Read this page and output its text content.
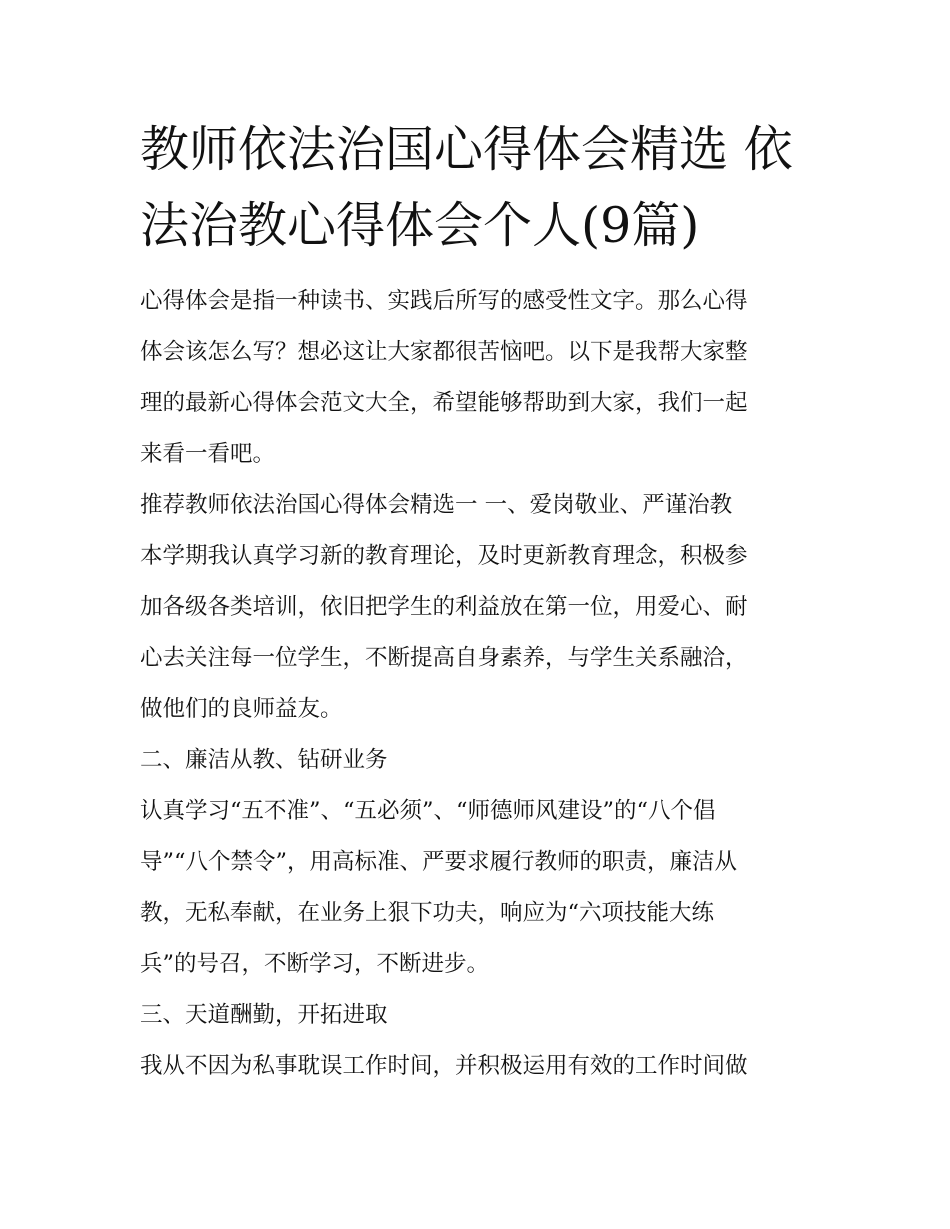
教师依法治国心得体会精选 依法治教心得体会个人(9篇)

心得体会是指一种读书、实践后所写的感受性文字。那么心得

体会该怎么写？想必这让大家都很苦恼吧。以下是我帮大家整

理的最新心得体会范文大全，希望能够帮助到大家，我们一起

来看一看吧。

推荐教师依法治国心得体会精选一 一、爱岗敬业、严谨治教

本学期我认真学习新的教育理论，及时更新教育理念，积极参

加各级各类培训，依旧把学生的利益放在第一位，用爱心、耐

心去关注每一位学生，不断提高自身素养，与学生关系融洽，

做他们的良师益友。

二、廉洁从教、钻研业务

认真学习“五不准”、“五必须”、“师德师风建设”的“八个倡

导”“八个禁令”，用高标准、严要求履行教师的职责，廉洁从

教，无私奉献，在业务上狠下功夫，响应为“六项技能大练

兵”的号召，不断学习，不断进步。

三、天道酬勤，开拓进取

我从不因为私事耽误工作时间，并积极运用有效的工作时间做
